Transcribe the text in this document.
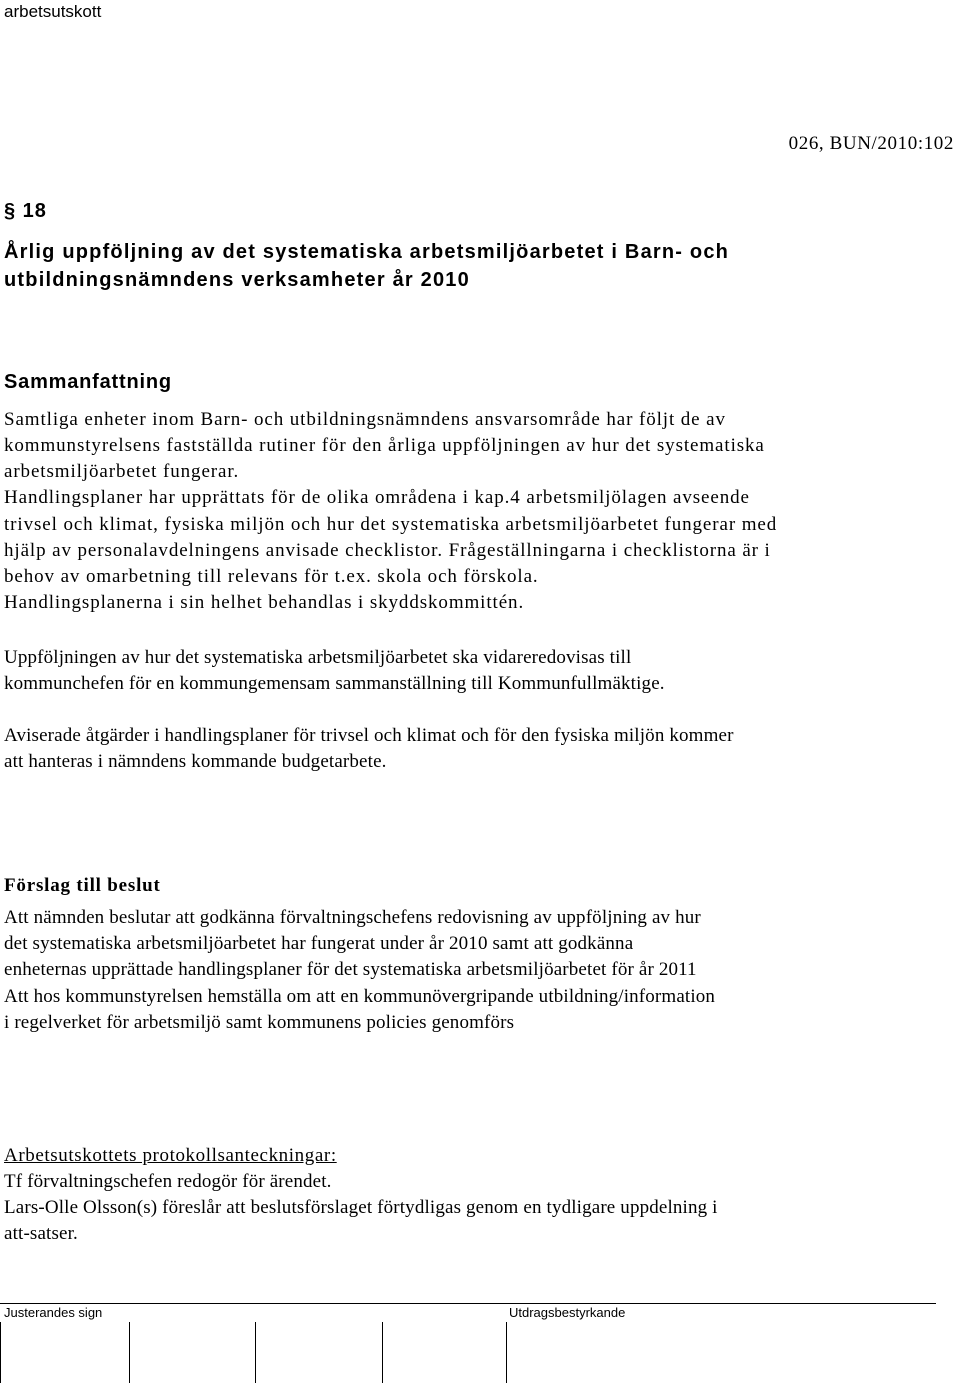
arbetsutskott
026, BUN/2010:102
§ 18
Årlig uppföljning av det systematiska arbetsmiljöarbetet i Barn- och utbildningsnämndens verksamheter år 2010
Sammanfattning
Samtliga enheter inom Barn- och utbildningsnämndens ansvarsområde har följt de av
kommunstyrelsens fastställda rutiner för den årliga uppföljningen av hur det systematiska
arbetsmiljöarbetet fungerar.
Handlingsplaner har upprättats för de olika områdena i kap.4 arbetsmiljölagen avseende
trivsel och klimat, fysiska miljön och hur det systematiska arbetsmiljöarbetet fungerar med
hjälp av personalavdelningens anvisade checklistor. Frågeställningarna i checklistorna är i
behov av omarbetning till relevans för t.ex. skola och förskola.
Handlingsplanerna i sin helhet behandlas i skyddskommittén.
Uppföljningen av hur det systematiska arbetsmiljöarbetet ska vidareredovisas till
kommunchefen för en kommungemensam sammanställning till Kommunfullmäktige.
Aviserade åtgärder i handlingsplaner för trivsel och klimat och för den fysiska miljön kommer
att hanteras i nämndens kommande budgetarbete.
Förslag till beslut
Att nämnden beslutar att godkänna förvaltningschefens redovisning av uppföljning av hur
det systematiska arbetsmiljöarbetet har fungerat under år 2010 samt att godkänna
enheternas upprättade handlingsplaner för det systematiska arbetsmiljöarbetet för år 2011
Att hos kommunstyrelsen hemställa om att en kommunövergripande utbildning/information
i regelverket för arbetsmiljö samt kommunens policies genomförs
Arbetsutskottets protokollsanteckningar:
Tf förvaltningschefen redogör för ärendet.
Lars-Olle Olsson(s) föreslår att beslutsförslaget förtydligas genom en tydligare uppdelning i
att-satser.
Justerandes sign	Utdragsbestyrkande
